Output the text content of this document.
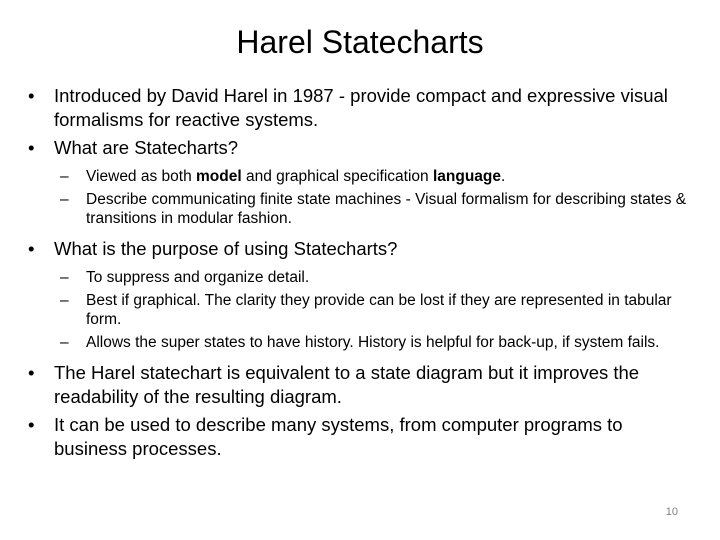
Harel Statecharts
• Introduced by David Harel in 1987 - provide compact and expressive visual formalisms for reactive systems.
• What are Statecharts?
– Viewed as both model and graphical specification language.
– Describe communicating finite state machines - Visual formalism for describing states & transitions in modular fashion.
• What is the purpose of using Statecharts?
– To suppress and organize detail.
– Best if graphical. The clarity they provide can be lost if they are represented in tabular form.
– Allows the super states to have history. History is helpful for back-up, if system fails.
• The Harel statechart is equivalent to a state diagram but it improves the readability of the resulting diagram.
• It can be used to describe many systems, from computer programs to business processes.
10
